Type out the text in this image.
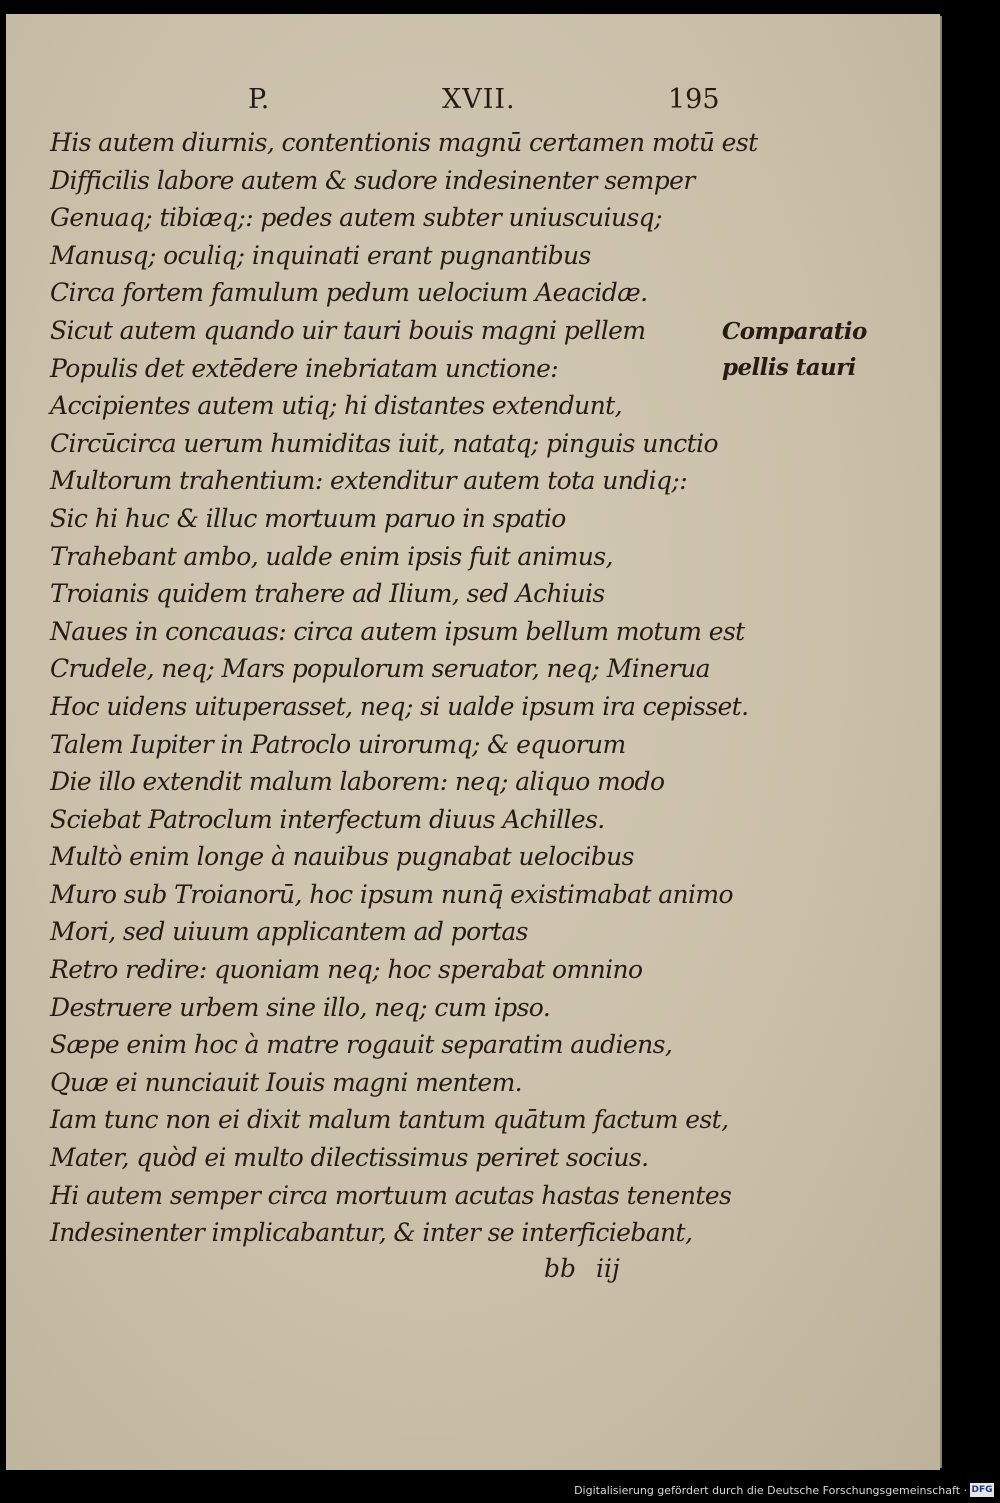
P.	XVII.	195
His autem diurnis, contentionis magnū certamen motū est
Difficilis labore autem & sudore indesinenter semper
Genuaq; tibiæq;: pedes autem subter uniuscuiusq;
Manusq; oculiq; inquinati erant pugnantibus
Circa fortem famulum pedum uelocium Aeacidæ.
Sicut autem quando uir tauri bouis magni pellem
Populis det extēdere inebriatam unctione:
Accipientes autem utiq; hi distantes extendunt,
Circūcirca uerum humiditas iuit, natatq; pinguis unctio
Multorum trahentium: extenditur autem tota undiq;:
Sic hi huc & illuc mortuum paruo in spatio
Trahebant ambo, ualde enim ipsis fuit animus,
Troianis quidem trahere ad Ilium, sed Achiuis
Naues in concauas: circa autem ipsum bellum motum est
Crudele, neq; Mars populorum seruator, neq; Minerua
Hoc uidens uituperasset, neq; si ualde ipsum ira cepisset.
Talem Iupiter in Patroclo uirorumq; & equorum
Die illo extendit malum laborem: neq; aliquo modo
Sciebat Patroclum interfectum diuus Achilles.
Multò enim longe à nauibus pugnabat uelocibus
Muro sub Troianorū, hoc ipsum nunq̄ existimabat animo
Mori, sed uiuum applicantem ad portas
Retro redire: quoniam neq; hoc sperabat omnino
Destruere urbem sine illo, neq; cum ipso.
Sæpe enim hoc à matre rogauit separatim audiens,
Quæ ei nunciauit Iouis magni mentem.
Iam tunc non ei dixit malum tantum quātum factum est,
Mater, quòd ei multo dilectissimus periret socius.
Hi autem semper circa mortuum acutas hastas tenentes
Indesinenter implicabantur, & inter se interficiebant,
Comparatio
pellis tauri
bb iij
Digitalisierung gefördert durch die Deutsche Forschungsgemeinschaft · DFG
